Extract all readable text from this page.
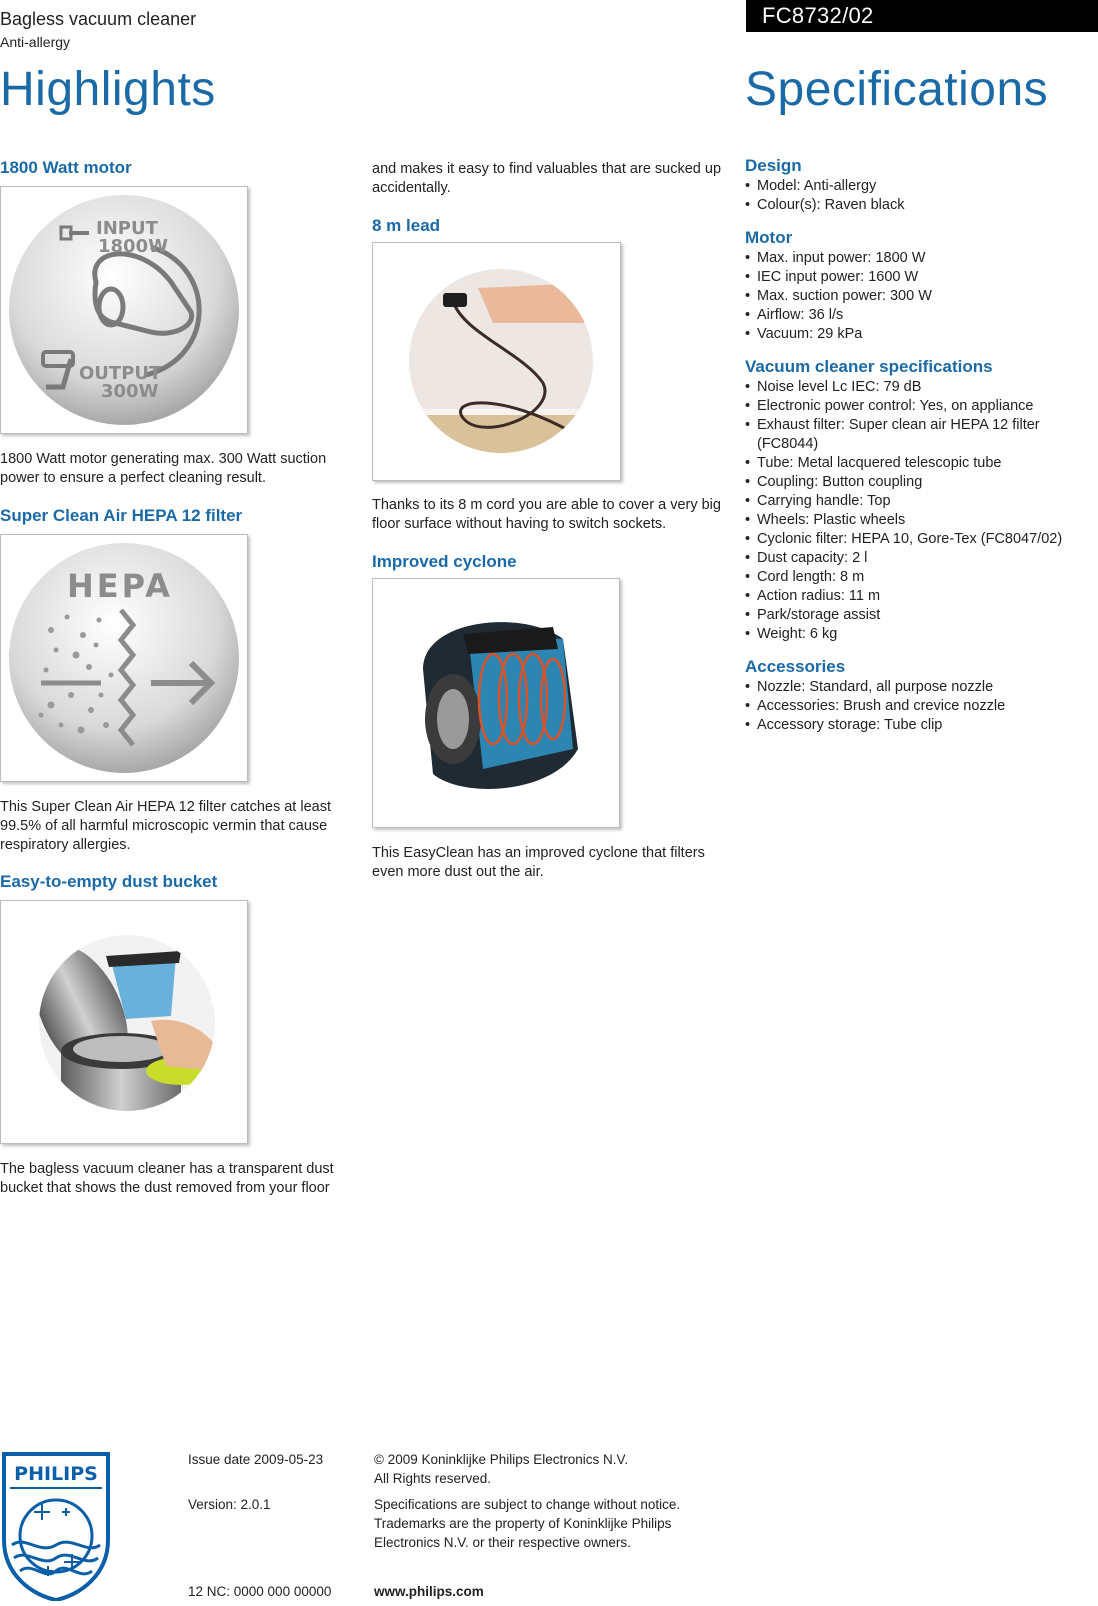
Bagless vacuum cleaner
Anti-allergy
FC8732/02
Highlights	Specifications
1800 Watt motor
INPUT
1800W
OUTPUT
300W
1800 Watt motor generating max. 300 Watt suction power to ensure a perfect cleaning result.
Super Clean Air HEPA 12 filter
HEPA
This Super Clean Air HEPA 12 filter catches at least 99.5% of all harmful microscopic vermin that cause respiratory allergies.
Easy-to-empty dust bucket
The bagless vacuum cleaner has a transparent dust bucket that shows the dust removed from your floor
and makes it easy to find valuables that are sucked up accidentally.
8 m lead
Thanks to its 8 m cord you are able to cover a very big floor surface without having to switch sockets.
Improved cyclone
This EasyClean has an improved cyclone that filters even more dust out the air.
Design
• Model: Anti-allergy
• Colour(s): Raven black
Motor
• Max. input power: 1800 W
• IEC input power: 1600 W
• Max. suction power: 300 W
• Airflow: 36 l/s
• Vacuum: 29 kPa
Vacuum cleaner specifications
• Noise level Lc IEC: 79 dB
• Electronic power control: Yes, on appliance
• Exhaust filter: Super clean air HEPA 12 filter (FC8044)
• Tube: Metal lacquered telescopic tube
• Coupling: Button coupling
• Carrying handle: Top
• Wheels: Plastic wheels
• Cyclonic filter: HEPA 10, Gore-Tex (FC8047/02)
• Dust capacity: 2 l
• Cord length: 8 m
• Action radius: 11 m
• Park/storage assist
• Weight: 6 kg
Accessories
• Nozzle: Standard, all purpose nozzle
• Accessories: Brush and crevice nozzle
• Accessory storage: Tube clip
PHILIPS
Issue date 2009-05-23
Version: 2.0.1
12 NC: 0000 000 00000
© 2009 Koninklijke Philips Electronics N.V.
All Rights reserved.
Specifications are subject to change without notice.
Trademarks are the property of Koninklijke Philips
Electronics N.V. or their respective owners.
www.philips.com
